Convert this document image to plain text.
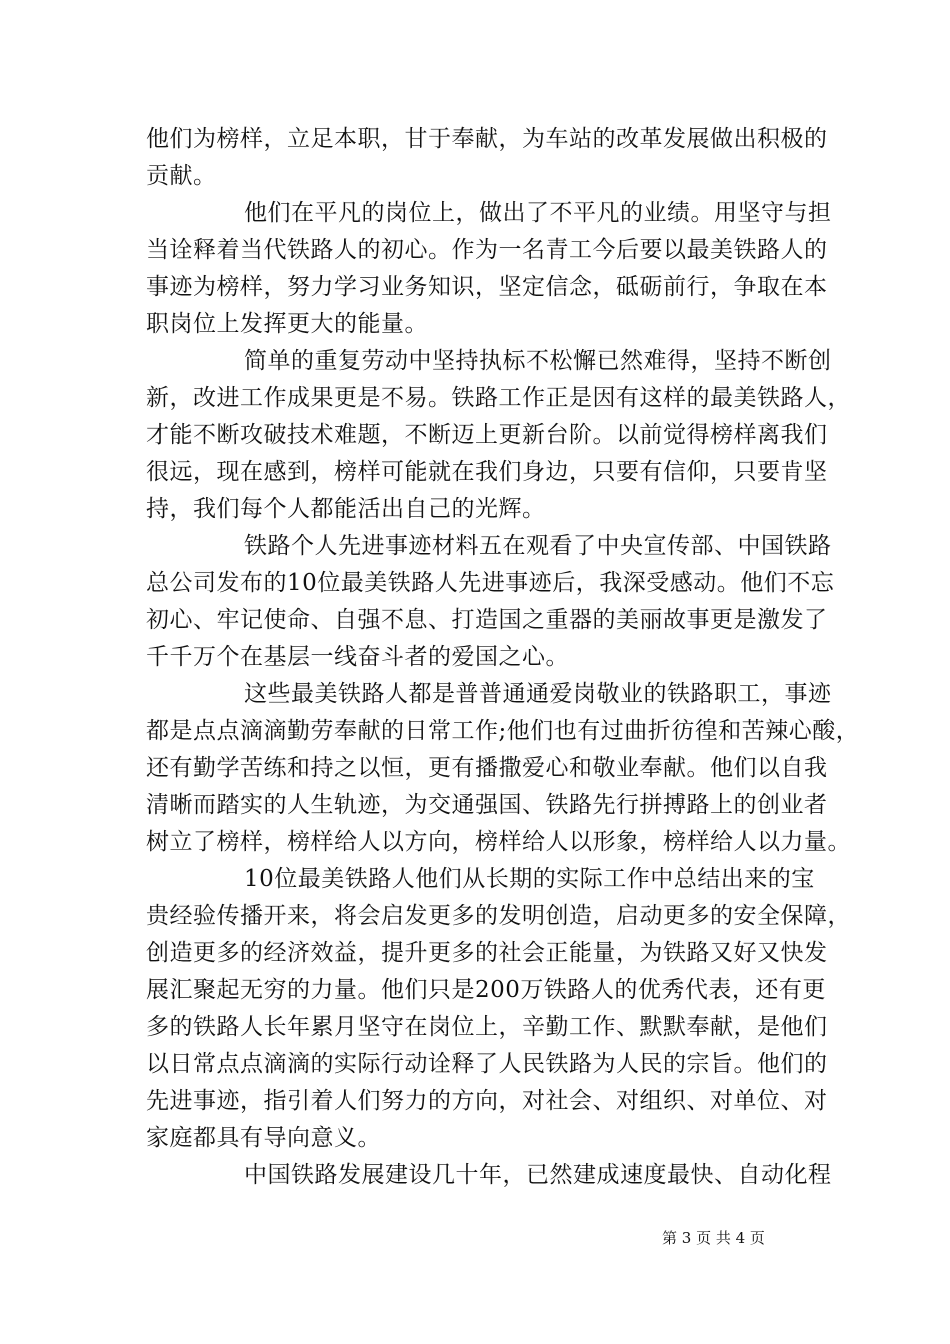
他们为榜样，立足本职，甘于奉献，为车站的改革发展做出积极的
贡献。
他们在平凡的岗位上，做出了不平凡的业绩。用坚守与担
当诠释着当代铁路人的初心。作为一名青工今后要以最美铁路人的
事迹为榜样，努力学习业务知识，坚定信念，砥砺前行，争取在本
职岗位上发挥更大的能量。
简单的重复劳动中坚持执标不松懈已然难得，坚持不断创
新，改进工作成果更是不易。铁路工作正是因有这样的最美铁路人，
才能不断攻破技术难题，不断迈上更新台阶。以前觉得榜样离我们
很远，现在感到，榜样可能就在我们身边，只要有信仰，只要肯坚
持，我们每个人都能活出自己的光辉。
铁路个人先进事迹材料五在观看了中央宣传部、中国铁路
总公司发布的10位最美铁路人先进事迹后，我深受感动。他们不忘
初心、牢记使命、自强不息、打造国之重器的美丽故事更是激发了
千千万个在基层一线奋斗者的爱国之心。
这些最美铁路人都是普普通通爱岗敬业的铁路职工，事迹
都是点点滴滴勤劳奉献的日常工作;他们也有过曲折彷徨和苦辣心酸，
还有勤学苦练和持之以恒，更有播撒爱心和敬业奉献。他们以自我
清晰而踏实的人生轨迹，为交通强国、铁路先行拼搏路上的创业者
树立了榜样，榜样给人以方向，榜样给人以形象，榜样给人以力量。
10位最美铁路人他们从长期的实际工作中总结出来的宝
贵经验传播开来，将会启发更多的发明创造，启动更多的安全保障，
创造更多的经济效益，提升更多的社会正能量，为铁路又好又快发
展汇聚起无穷的力量。他们只是200万铁路人的优秀代表，还有更
多的铁路人长年累月坚守在岗位上，辛勤工作、默默奉献，是他们
以日常点点滴滴的实际行动诠释了人民铁路为人民的宗旨。他们的
先进事迹，指引着人们努力的方向，对社会、对组织、对单位、对
家庭都具有导向意义。
中国铁路发展建设几十年，已然建成速度最快、自动化程
第 3 页 共 4 页
